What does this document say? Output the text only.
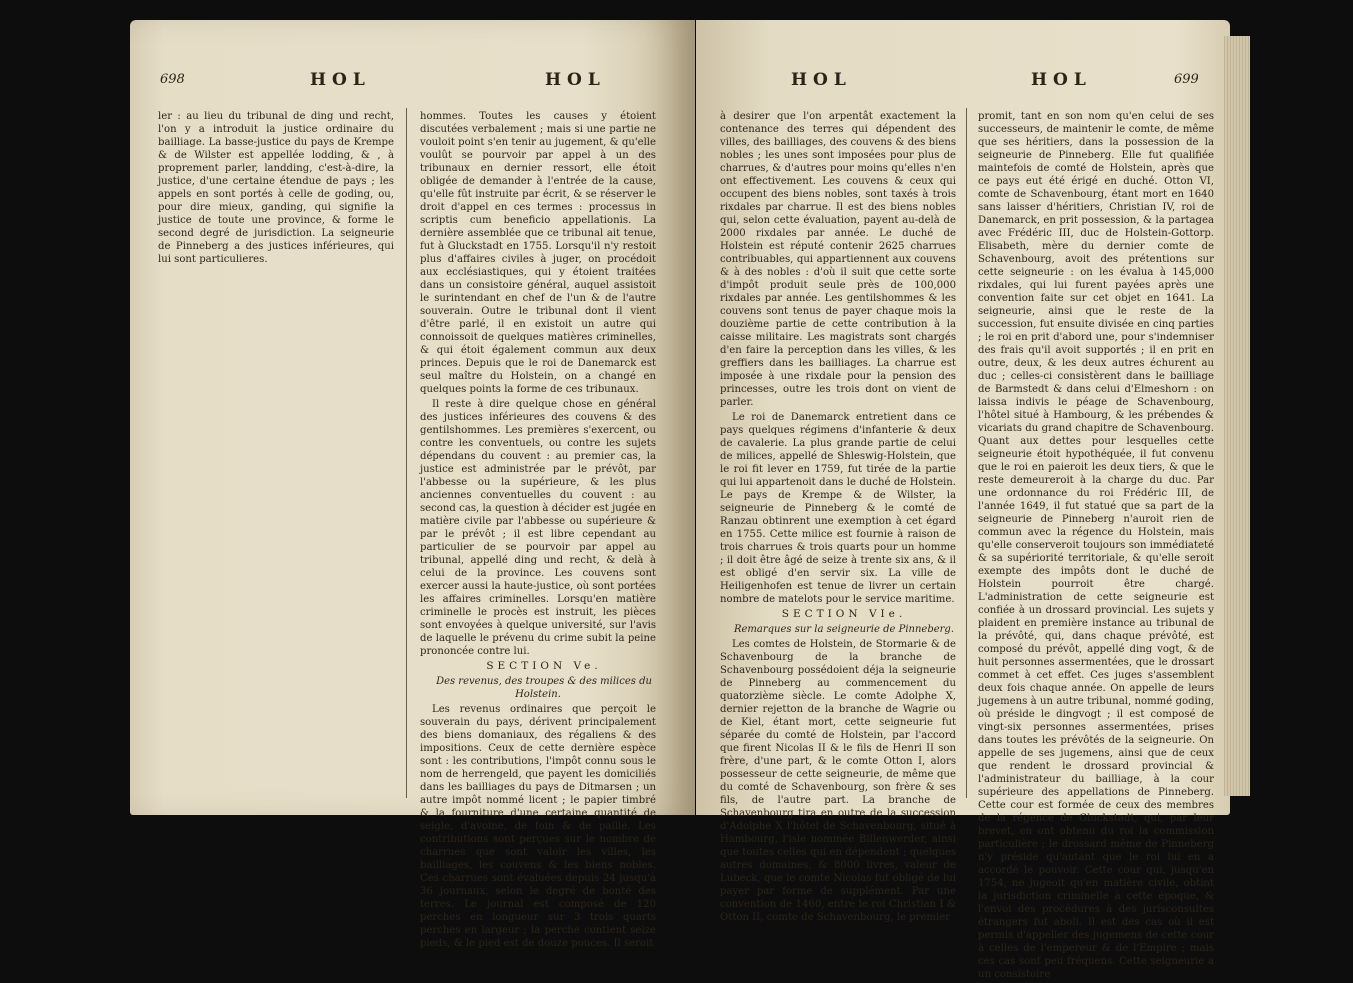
698	HOL	HOL

ler : au lieu du tribunal de ding und recht, l'on y a introduit la justice ordinaire du bailliage. La basse-justice du pays de Krempe & de Wilster est appellée lodding, & , à proprement parler, landding, c'est-à-dire, la justice, d'une certaine étendue de pays ; les appels en sont portés à celle de goding, ou, pour dire mieux, ganding, qui signifie la justice de toute une province, & forme le second degré de jurisdiction. La seigneurie de Pinneberg a des justices inférieures, qui lui sont particulieres.

hommes. Toutes les causes y étoient discutées verbalement ; mais si une partie ne vouloit point s'en tenir au jugement, & qu'elle voulût se pourvoir par appel à un des tribunaux en dernier ressort, elle étoit obligée de demander à l'entrée de la cause, qu'elle fût instruite par écrit, & se réserver le droit d'appel en ces termes : processus in scriptis cum beneficio appellationis. La dernière assemblée que ce tribunal ait tenue, fut à Gluckstadt en 1755. Lorsqu'il n'y restoit plus d'affaires civiles à juger, on procédoit aux ecclésiastiques, qui y étoient traitées dans un consistoire général, auquel assistoit le surintendant en chef de l'un & de l'autre souverain. Outre le tribunal dont il vient d'être parlé, il en existoit un autre qui connoissoit de quelques matières criminelles, & qui étoit également commun aux deux princes. Depuis que le roi de Danemarck est seul maître du Holstein, on a changé en quelques points la forme de ces tribunaux.

Il reste à dire quelque chose en général des justices inférieures des couvens & des gentilshommes. Les premières s'exercent, ou contre les conventuels, ou contre les sujets dépendans du couvent : au premier cas, la justice est administrée par le prévôt, par l'abbesse ou la supérieure, & les plus anciennes conventuelles du couvent : au second cas, la question à décider est jugée en matière civile par l'abbesse ou supérieure & par le prévôt ; il est libre cependant au particulier de se pourvoir par appel au tribunal, appellé ding und recht, & delà à celui de la province. Les couvens sont exercer aussi la haute-justice, où sont portées les affaires criminelles. Lorsqu'en matière criminelle le procès est instruit, les pièces sont envoyées à quelque université, sur l'avis de laquelle le prévenu du crime subit la peine prononcée contre lui.

SECTION Ve.

Des revenus, des troupes & des milices du Holstein.

Les revenus ordinaires que perçoit le souverain du pays, dérivent principalement des biens domaniaux, des régaliens & des impositions. Ceux de cette dernière espèce sont : les contributions, l'impôt connu sous le nom de herrengeld, que payent les domiciliés dans les bailliages du pays de Ditmarsen ; un autre impôt nommé licent ; le papier timbré & la fourniture d'une certaine quantité de seigle, d'avoine, de foin & de paille. Les contributions sont perçues sur le nombre de charrues que sont valoir les villes, les bailliages, les couvens & les biens nobles. Ces charrues sont évaluées depuis 24 jusqu'à 36 journaux, selon le degré de bonté des terres. Le journal est composé de 120 perches en longueur sur 3 trois quarts perches en largeur ; la perche contient seize pieds, & le pied est de douze pouces. Il seroit

HOL	HOL	699

à desirer que l'on arpentât exactement la contenance des terres qui dépendent des villes, des bailliages, des couvens & des biens nobles ; les unes sont imposées pour plus de charrues, & d'autres pour moins qu'elles n'en ont effectivement. Les couvens & ceux qui occupent des biens nobles, sont taxés à trois rixdales par charrue. Il est des biens nobles qui, selon cette évaluation, payent au-delà de 2000 rixdales par année. Le duché de Holstein est réputé contenir 2625 charrues contribuables, qui appartiennent aux couvens & à des nobles : d'où il suit que cette sorte d'impôt produit seule près de 100,000 rixdales par année. Les gentilshommes & les couvens sont tenus de payer chaque mois la douzième partie de cette contribution à la caisse militaire. Les magistrats sont chargés d'en faire la perception dans les villes, & les greffiers dans les bailliages. La charrue est imposée à une rixdale pour la pension des princesses, outre les trois dont on vient de parler.

Le roi de Danemarck entretient dans ce pays quelques régimens d'infanterie & deux de cavalerie. La plus grande partie de celui de milices, appellé de Shleswig-Holstein, que le roi fit lever en 1759, fut tirée de la partie qui lui appartenoit dans le duché de Holstein. Le pays de Krempe & de Wilster, la seigneurie de Pinneberg & le comté de Ranzau obtinrent une exemption à cet égard en 1755. Cette milice est fournie à raison de trois charrues & trois quarts pour un homme ; il doit être âgé de seize à trente six ans, & il est obligé d'en servir six. La ville de Heiligenhofen est tenue de livrer un certain nombre de matelots pour le service maritime.

SECTION VIe.

Remarques sur la seigneurie de Pinneberg.

Les comtes de Holstein, de Stormarie & de Schavenbourg de la branche de Schavenbourg possédoient déja la seigneurie de Pinneberg au commencement du quatorzième siècle. Le comte Adolphe X, dernier rejetton de la branche de Wagrie ou de Kiel, étant mort, cette seigneurie fut séparée du comté de Holstein, par l'accord que firent Nicolas II & le fils de Henri II son frère, d'une part, & le comte Otton I, alors possesseur de cette seigneurie, de même que du comté de Schavenbourg, son frère & ses fils, de l'autre part. La branche de Schavenbourg tira en outre de la succession d'Adolphe X l'hôtel de Schavenbourg, situé à Hambourg, l'isle nommée Billenwerder, ainsi que toutes celles qui en dépendent ; quelques autres domaines, & 8000 livres, valeur de Lubeck, que le comte Nicolas fut obligé de lui payer par forme de supplément. Par une convention de 1460, entre le roi Christian I & Otton II, comte de Schavenbourg, le premier

promit, tant en son nom qu'en celui de ses successeurs, de maintenir le comte, de même que ses héritiers, dans la possession de la seigneurie de Pinneberg. Elle fut qualifiée maintefois de comté de Holstein, après que ce pays eut été érigé en duché. Otton VI, comte de Schavenbourg, étant mort en 1640 sans laisser d'héritiers, Christian IV, roi de Danemarck, en prit possession, & la partagea avec Frédéric III, duc de Holstein-Gottorp. Elisabeth, mère du dernier comte de Schavenbourg, avoit des prétentions sur cette seigneurie : on les évalua à 145,000 rixdales, qui lui furent payées après une convention faite sur cet objet en 1641. La seigneurie, ainsi que le reste de la succession, fut ensuite divisée en cinq parties ; le roi en prit d'abord une, pour s'indemniser des frais qu'il avoit supportés ; il en prit en outre, deux, & les deux autres échurent au duc ; celles-ci consistèrent dans le bailliage de Barmstedt & dans celui d'Elmeshorn : on laissa indivis le péage de Schavenbourg, l'hôtel situé à Hambourg, & les prébendes & vicariats du grand chapitre de Schavenbourg. Quant aux dettes pour lesquelles cette seigneurie étoit hypothéquée, il fut convenu que le roi en paieroit les deux tiers, & que le reste demeureroit à la charge du duc. Par une ordonnance du roi Frédéric III, de l'année 1649, il fut statué que sa part de la seigneurie de Pinneberg n'auroit rien de commun avec la régence du Holstein, mais qu'elle conserveroit toujours son immédiateté & sa supériorité territoriale, & qu'elle seroit exempte des impôts dont le duché de Holstein pourroit être chargé. L'administration de cette seigneurie est confiée à un drossard provincial. Les sujets y plaident en première instance au tribunal de la prévôté, qui, dans chaque prévôté, est composé du prévôt, appellé ding vogt, & de huit personnes assermentées, que le drossart commet à cet effet. Ces juges s'assemblent deux fois chaque année. On appelle de leurs jugemens à un autre tribunal, nommé goding, où préside le dingvogt ; il est composé de vingt-six personnes assermentées, prises dans toutes les prévôtés de la seigneurie. On appelle de ses jugemens, ainsi que de ceux que rendent le drossard provincial & l'administrateur du bailliage, à la cour supérieure des appellations de Pinneberg. Cette cour est formée de ceux des membres de la régence de Gluckstadt, qui, par leur brevet, en ont obtenu du roi la commission particulière ; le drossard même de Pinneberg n'y préside qu'autant que le roi lui en a accordé le pouvoir. Cette cour qui, jusqu'en 1754, ne jugeoit qu'en matière civile, obtint la jurisdiction criminelle à cette époque, & l'envoi des procédures à des jurisconsultes étrangers fut aboli. Il est des cas où il est permis d'appeller des jugemens de cette cour à celles de l'empereur & de l'Empire ; mais ces cas sont peu fréquens. Cette seigneurie a un consistoire
